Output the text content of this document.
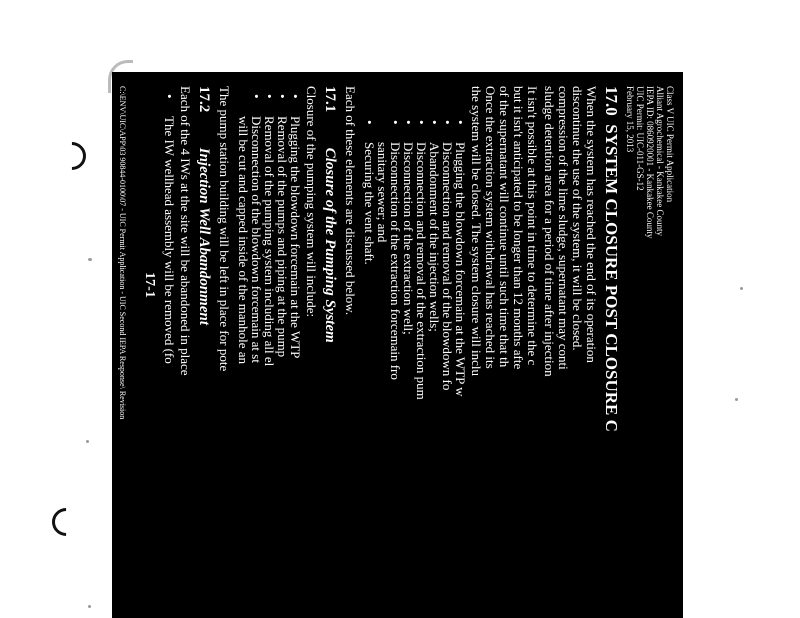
Class V UIC Permit Application
Alliant Agrochemical - Kankakee County
IEPA ID: 0860920001 - Kankakee County
UIC Permit: UIC-011-GS-12
February 15, 2013
17.0 SYSTEM CLOSURE POST CLOSURE C

When the system has reached the end of its operation

discontinue the use of the system, it will be closed.

compression of the lime sludge, supernatant may conti

sludge detention area for a period of time after injection

It isn't possible at this point in time to determine the c

but it isn't anticipated to be longer than 12 months afte

of the supernatant will continue until such time that th

Once the extraction system withdrawal has reached its

the system will be closed. The system closure will inclu

•
Plugging the blowdown forcemain at the WTP w
•
Disconnection and removal of the blowdown fo
•
Abandonment of the injection wells;
•
Disconnection and removal of the extraction pum
•
Disconnection of the extraction well;
•
Disconnection of the extraction forcemain fro
sanitary sewer; and
•
Securing the vent shaft.
Each of these elements are discussed below.
17.1 Closure of the Pumping System
Closure of the pumping system will include:
•
Plugging the blowdown forcemain at the WTP
•
Removal of the pumps and piping at the pump
•
Removal of the pumping system including all el
•
Disconnection of the blowdown forcemain at st
will be cut and capped inside of the manhole an
The pump station building will be left in place for pote
17.2 Injection Well Abandonment
Each of the 4 IWs at the site will be abandoned in place
•
The IW wellhead assembly will be removed (fo
17-1
C:\ENV\UIC\APP\03 90844-0100\07 - UIC Permit Application - UIC Second IEPA Response\ Revision
